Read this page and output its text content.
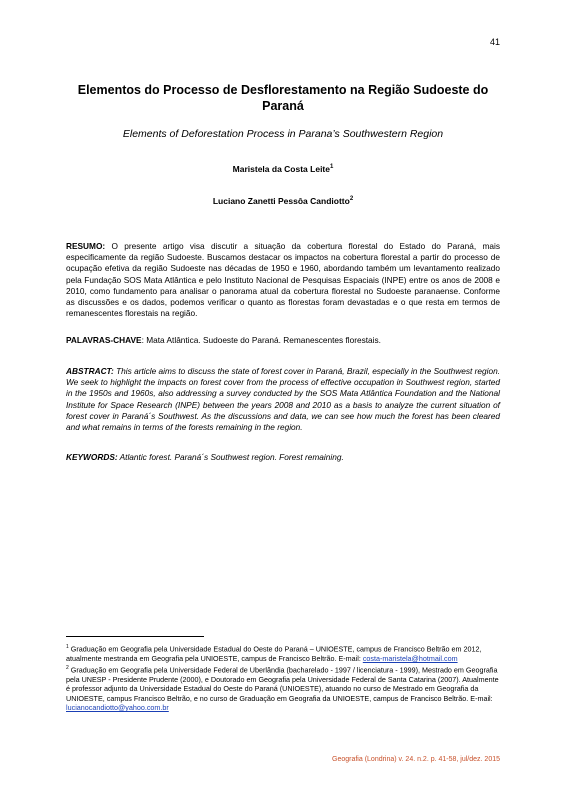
41
Elementos do Processo de Desflorestamento na Região Sudoeste do Paraná
Elements of Deforestation Process in Parana’s Southwestern Region
Maristela da Costa Leite$^1$
Luciano Zanetti Pessôa Candiotto$^2$
RESUMO: O presente artigo visa discutir a situação da cobertura florestal do Estado do Paraná, mais especificamente da região Sudoeste. Buscamos destacar os impactos na cobertura florestal a partir do processo de ocupação efetiva da região Sudoeste nas décadas de 1950 e 1960, abordando também um levantamento realizado pela Fundação SOS Mata Atlântica e pelo Instituto Nacional de Pesquisas Espaciais (INPE) entre os anos de 2008 e 2010, como fundamento para analisar o panorama atual da cobertura florestal no Sudoeste paranaense. Conforme as discussões e os dados, podemos verificar o quanto as florestas foram devastadas e o que resta em termos de remanescentes florestais na região.
PALAVRAS-CHAVE: Mata Atlântica. Sudoeste do Paraná. Remanescentes florestais.
ABSTRACT: This article aims to discuss the state of forest cover in Paraná, Brazil, especially in the Southwest region. We seek to highlight the impacts on forest cover from the process of effective occupation in Southwest region, started in the 1950s and 1960s, also addressing a survey conducted by the SOS Mata Atlântica Foundation and the National Institute for Space Research (INPE) between the years 2008 and 2010 as a basis to analyze the current situation of forest cover in Paraná´s Southwest. As the discussions and data, we can see how much the forest has been cleared and what remains in terms of the forests remaining in the region.
KEYWORDS: Atlantic forest. Paraná´s Southwest region. Forest remaining.
$^1$ Graduação em Geografia pela Universidade Estadual do Oeste do Paraná – UNIOESTE, campus de Francisco Beltrão em 2012, atualmente mestranda em Geografia pela UNIOESTE, campus de Francisco Beltrão. E-mail: costa-maristela@hotmail.com
$^2$ Graduação em Geografia pela Universidade Federal de Uberlândia (bacharelado - 1997 / licenciatura - 1999), Mestrado em Geografia pela UNESP - Presidente Prudente (2000), e Doutorado em Geografia pela Universidade Federal de Santa Catarina (2007). Atualmente é professor adjunto da Universidade Estadual do Oeste do Paraná (UNIOESTE), atuando no curso de Mestrado em Geografia da UNIOESTE, campus Francisco Beltrão, e no curso de Graduação em Geografia da UNIOESTE, campus de Francisco Beltrão. E-mail: lucianocandiotto@yahoo.com.br
Geografia (Londrina) v. 24. n.2. p. 41-58, jul/dez. 2015
